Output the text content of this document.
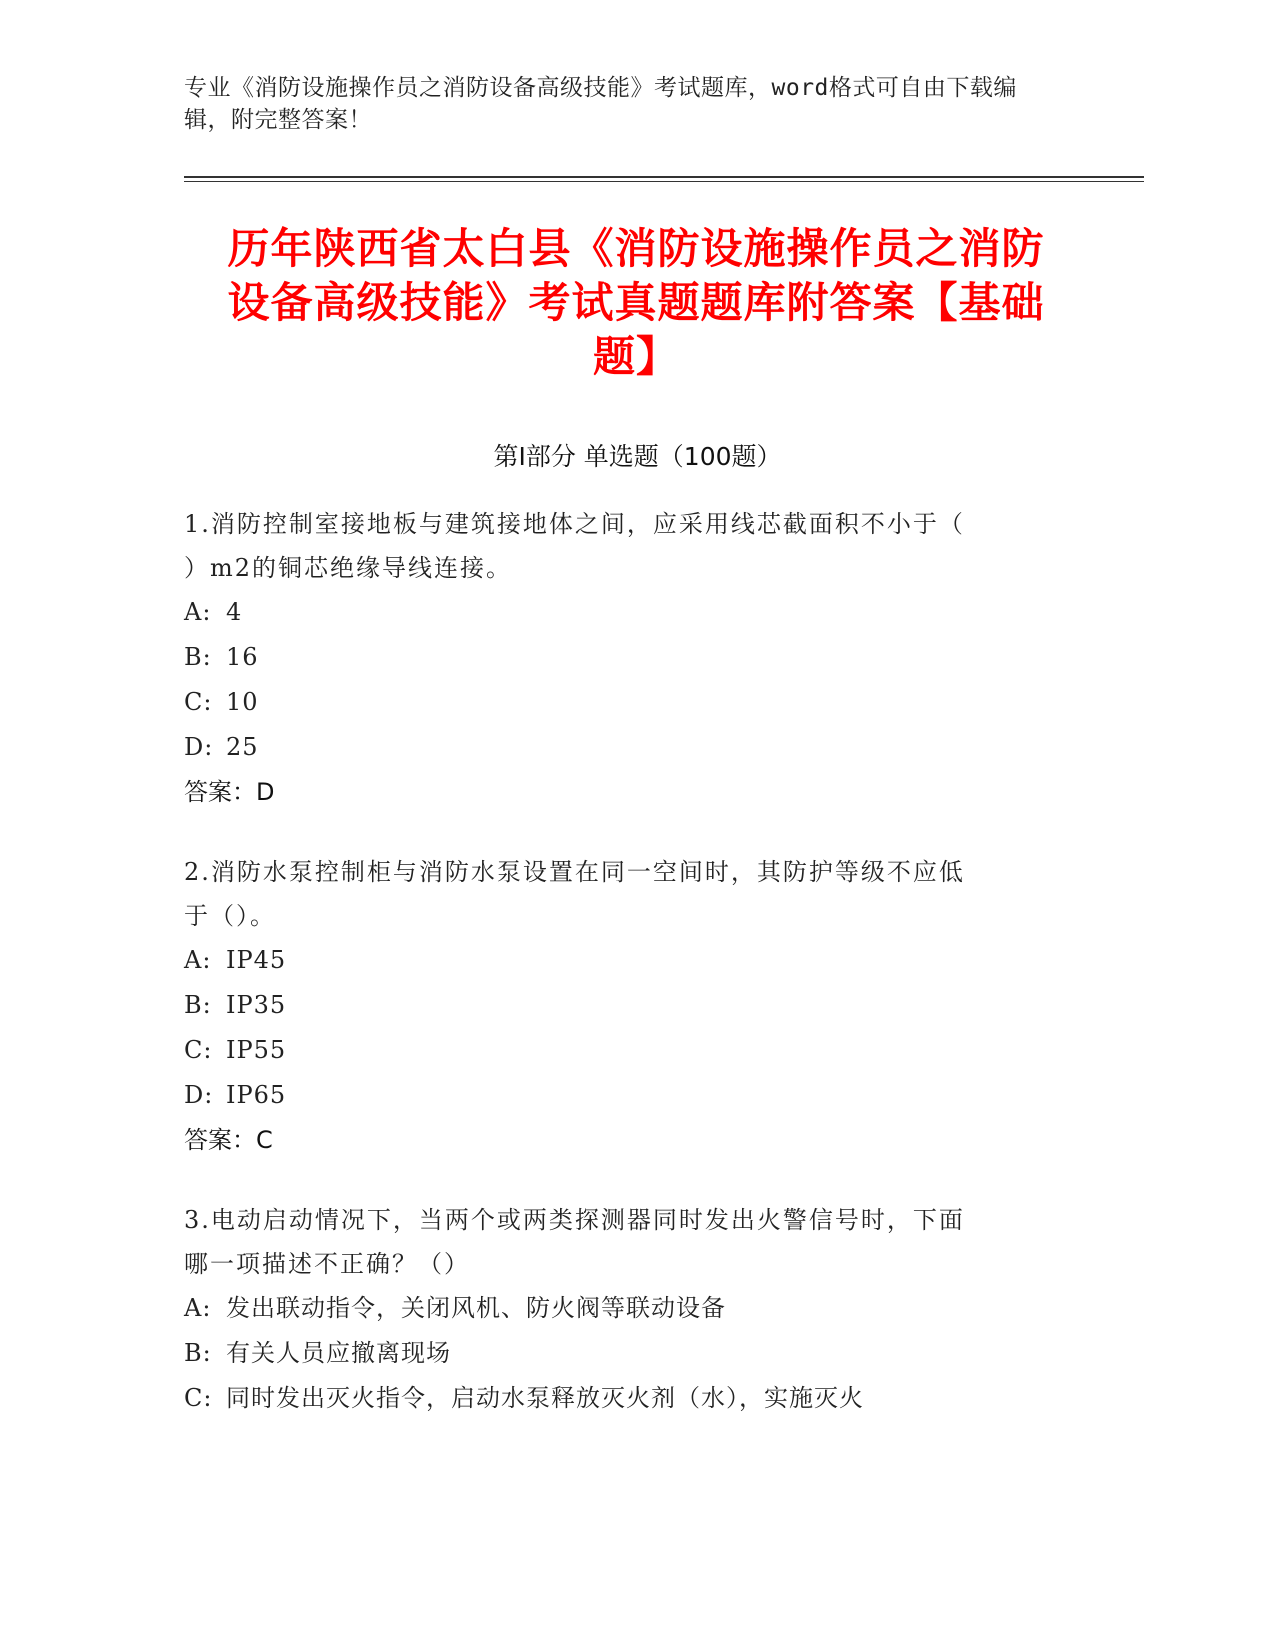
专业《消防设施操作员之消防设备高级技能》考试题库，word格式可自由下载编
辑，附完整答案！
历年陕西省太白县《消防设施操作员之消防
设备高级技能》考试真题题库附答案【基础
题】
第Ⅰ部分 单选题（100题）
1.消防控制室接地板与建筑接地体之间，应采用线芯截面积不小于（
）m2的铜芯绝缘导线连接。
A: 4
B: 16
C: 10
D: 25
答案：D
2.消防水泵控制柜与消防水泵设置在同一空间时，其防护等级不应低
于（）。
A: IP45
B: IP35
C: IP55
D: IP65
答案：C
3.电动启动情况下，当两个或两类探测器同时发出火警信号时，下面
哪一项描述不正确？（）
A: 发出联动指令，关闭风机、防火阀等联动设备
B: 有关人员应撤离现场
C: 同时发出灭火指令，启动水泵释放灭火剂（水），实施灭火
